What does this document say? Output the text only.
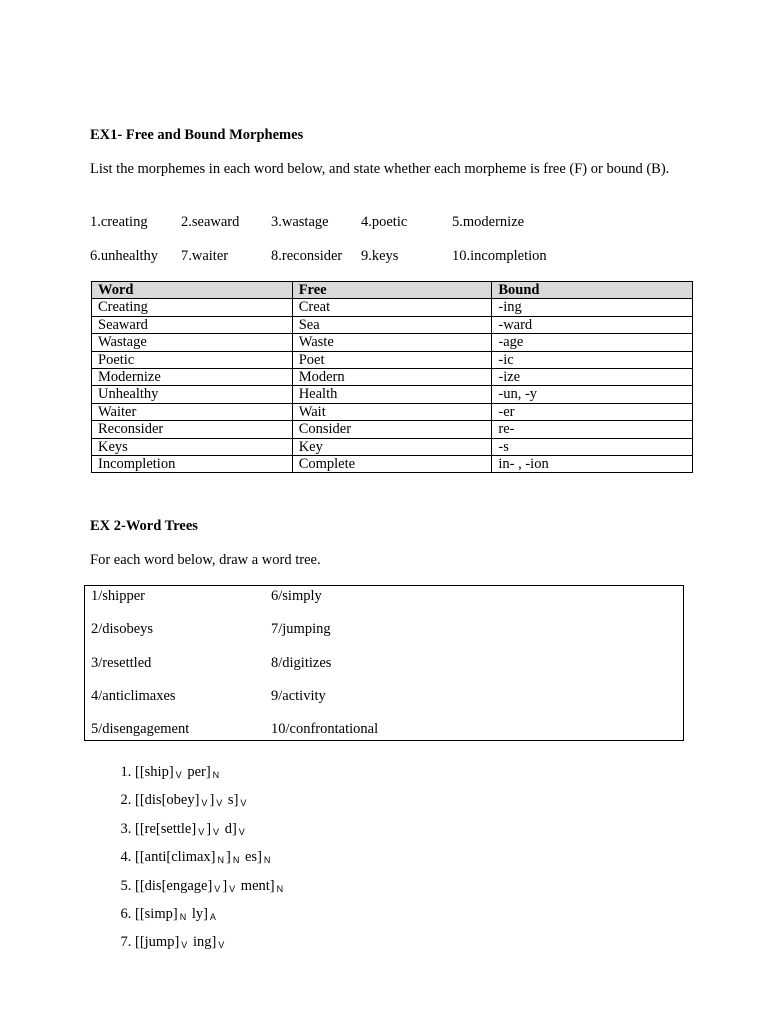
EX1- Free and Bound Morphemes
List the morphemes in each word below, and state whether each morpheme is free (F) or bound (B).
1.creating 2.seaward 3.wastage 4.poetic	5.modernize
6.unhealthy 7.waiter	8.reconsider 9.keys	10.incompletion
Word	Free	Bound
Creating	Creat	-ing
Seaward	Sea	-ward
Wastage	Waste	-age
Poetic	Poet	-ic
Modernize	Modern	-ize
Unhealthy	Health	-un, -y
Waiter	Wait	-er
Reconsider	Consider	re-
Keys	Key	-s
Incompletion	Complete	in- , -ion
EX 2-Word Trees
For each word below, draw a word tree.
1/shipper
2/disobeys
3/resettled
4/anticlimaxes
5/disengagement
6/simply
7/jumping
8/digitizes
9/activity
10/confrontational
1. [[ship] $_V$ per] $_N$
2. [[dis[obey] $_V$ ] $_V$ s] $_V$
3. [[re[settle] $_V$ ] $_V$ d] $_V$
4. [[anti[climax] $_N$ ] $_N$ es] $_N$
5. [[dis[engage] $_V$ ] $_V$ ment] $_N$
6. [[simp] $_N$ ly] $_A$
7. [[jump] $_V$ ing] $_V$
